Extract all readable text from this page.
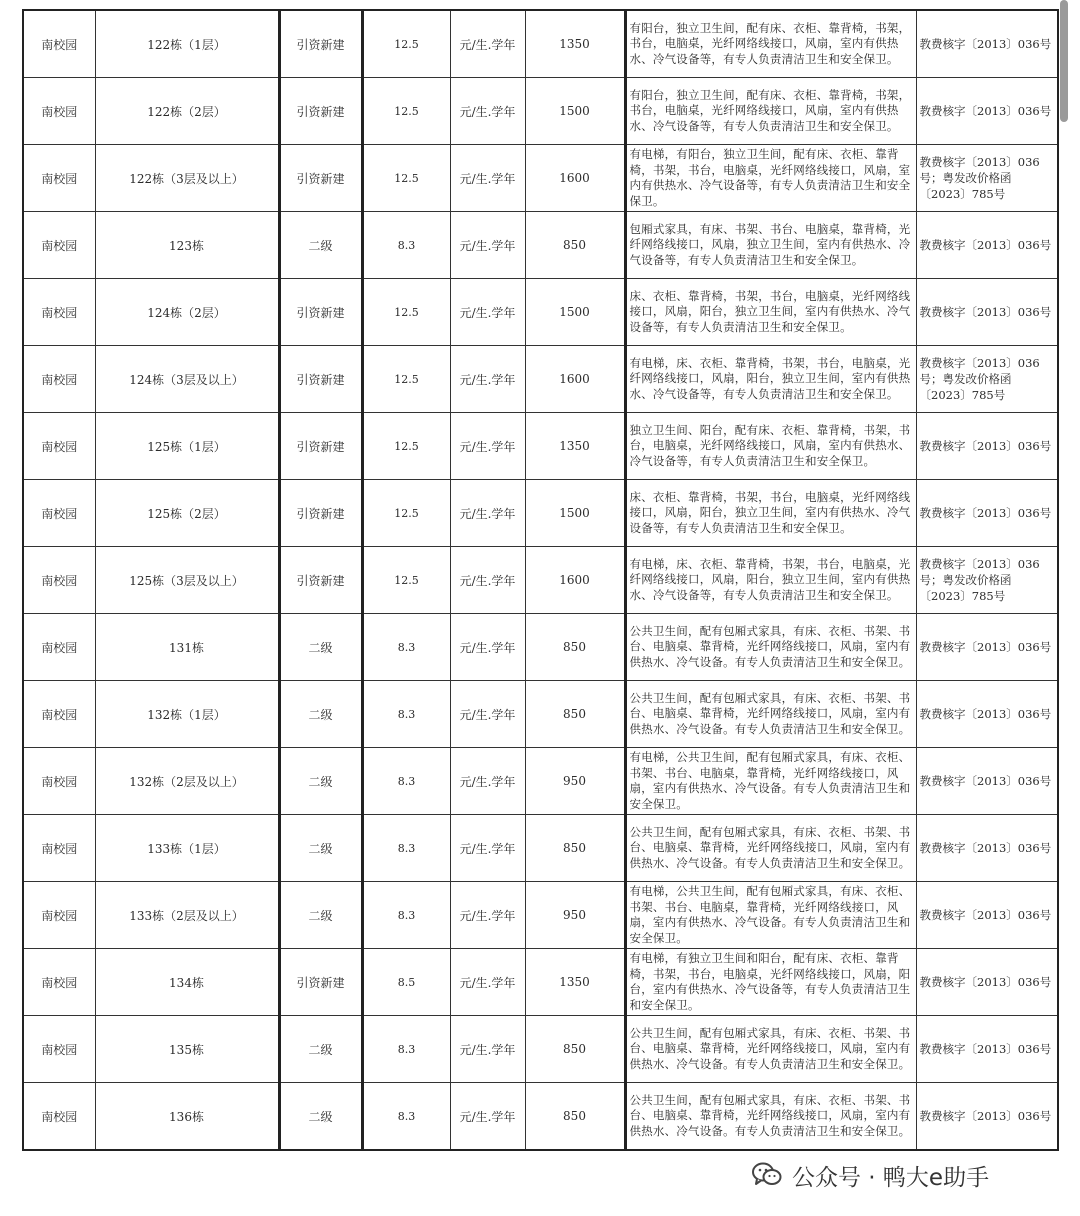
南校园	122栋（1层）	引资新建	12.5	元/生.学年	1350	有阳台，独立卫生间，配有床、衣柜、靠背椅，书架，书台，电脑桌，光纤网络线接口，风扇，室内有供热水、冷气设备等，有专人负责清洁卫生和安全保卫。	教费核字〔2013〕036号
南校园	122栋（2层）	引资新建	12.5	元/生.学年	1500	有阳台，独立卫生间，配有床、衣柜、靠背椅，书架，书台，电脑桌，光纤网络线接口，风扇，室内有供热水、冷气设备等，有专人负责清洁卫生和安全保卫。	教费核字〔2013〕036号
南校园	122栋（3层及以上）	引资新建	12.5	元/生.学年	1600	有电梯，有阳台，独立卫生间，配有床、衣柜、靠背椅，书架，书台，电脑桌，光纤网络线接口，风扇，室内有供热水、冷气设备等，有专人负责清洁卫生和安全保卫。	教费核字〔2013〕036号；粤发改价格函〔2023〕785号
南校园	123栋	二级	8.3	元/生.学年	850	包厢式家具，有床、书架、书台、电脑桌，靠背椅，光纤网络线接口，风扇，独立卫生间，室内有供热水、冷气设备等，有专人负责清洁卫生和安全保卫。	教费核字〔2013〕036号
南校园	124栋（2层）	引资新建	12.5	元/生.学年	1500	床、衣柜、靠背椅，书架，书台，电脑桌，光纤网络线接口，风扇，阳台，独立卫生间，室内有供热水、冷气设备等，有专人负责清洁卫生和安全保卫。	教费核字〔2013〕036号
南校园	124栋（3层及以上）	引资新建	12.5	元/生.学年	1600	有电梯，床、衣柜、靠背椅，书架，书台，电脑桌，光纤网络线接口，风扇，阳台，独立卫生间，室内有供热水、冷气设备等，有专人负责清洁卫生和安全保卫。	教费核字〔2013〕036号；粤发改价格函〔2023〕785号
南校园	125栋（1层）	引资新建	12.5	元/生.学年	1350	独立卫生间、阳台，配有床、衣柜、靠背椅，书架，书台，电脑桌，光纤网络线接口，风扇，室内有供热水、冷气设备等，有专人负责清洁卫生和安全保卫。	教费核字〔2013〕036号
南校园	125栋（2层）	引资新建	12.5	元/生.学年	1500	床、衣柜、靠背椅，书架，书台，电脑桌，光纤网络线接口，风扇，阳台，独立卫生间，室内有供热水、冷气设备等，有专人负责清洁卫生和安全保卫。	教费核字〔2013〕036号
南校园	125栋（3层及以上）	引资新建	12.5	元/生.学年	1600	有电梯，床、衣柜、靠背椅，书架，书台，电脑桌，光纤网络线接口，风扇，阳台，独立卫生间，室内有供热水、冷气设备等，有专人负责清洁卫生和安全保卫。	教费核字〔2013〕036号；粤发改价格函〔2023〕785号
南校园	131栋	二级	8.3	元/生.学年	850	公共卫生间，配有包厢式家具，有床、衣柜、书架、书台、电脑桌、靠背椅，光纤网络线接口，风扇，室内有供热水、冷气设备。有专人负责清洁卫生和安全保卫。	教费核字〔2013〕036号
南校园	132栋（1层）	二级	8.3	元/生.学年	850	公共卫生间，配有包厢式家具，有床、衣柜、书架、书台、电脑桌、靠背椅，光纤网络线接口，风扇，室内有供热水、冷气设备。有专人负责清洁卫生和安全保卫。	教费核字〔2013〕036号
南校园	132栋（2层及以上）	二级	8.3	元/生.学年	950	有电梯，公共卫生间，配有包厢式家具，有床、衣柜、书架、书台、电脑桌，靠背椅，光纤网络线接口，风扇，室内有供热水、冷气设备。有专人负责清洁卫生和安全保卫。	教费核字〔2013〕036号
南校园	133栋（1层）	二级	8.3	元/生.学年	850	公共卫生间，配有包厢式家具，有床、衣柜、书架、书台、电脑桌、靠背椅，光纤网络线接口，风扇，室内有供热水、冷气设备。有专人负责清洁卫生和安全保卫。	教费核字〔2013〕036号
南校园	133栋（2层及以上）	二级	8.3	元/生.学年	950	有电梯，公共卫生间，配有包厢式家具，有床、衣柜、书架、书台、电脑桌，靠背椅，光纤网络线接口，风扇，室内有供热水、冷气设备。有专人负责清洁卫生和安全保卫。	教费核字〔2013〕036号
南校园	134栋	引资新建	8.5	元/生.学年	1350	有电梯，有独立卫生间和阳台，配有床、衣柜、靠背椅，书架，书台，电脑桌，光纤网络线接口，风扇，阳台，室内有供热水、冷气设备等，有专人负责清洁卫生和安全保卫。	教费核字〔2013〕036号
南校园	135栋	二级	8.3	元/生.学年	850	公共卫生间，配有包厢式家具，有床、衣柜、书架、书台、电脑桌、靠背椅，光纤网络线接口，风扇，室内有供热水、冷气设备。有专人负责清洁卫生和安全保卫。	教费核字〔2013〕036号
南校园	136栋	二级	8.3	元/生.学年	850	公共卫生间，配有包厢式家具，有床、衣柜、书架、书台、电脑桌、靠背椅，光纤网络线接口，风扇，室内有供热水、冷气设备。有专人负责清洁卫生和安全保卫。	教费核字〔2013〕036号
公众号 · 鸭大e助手
